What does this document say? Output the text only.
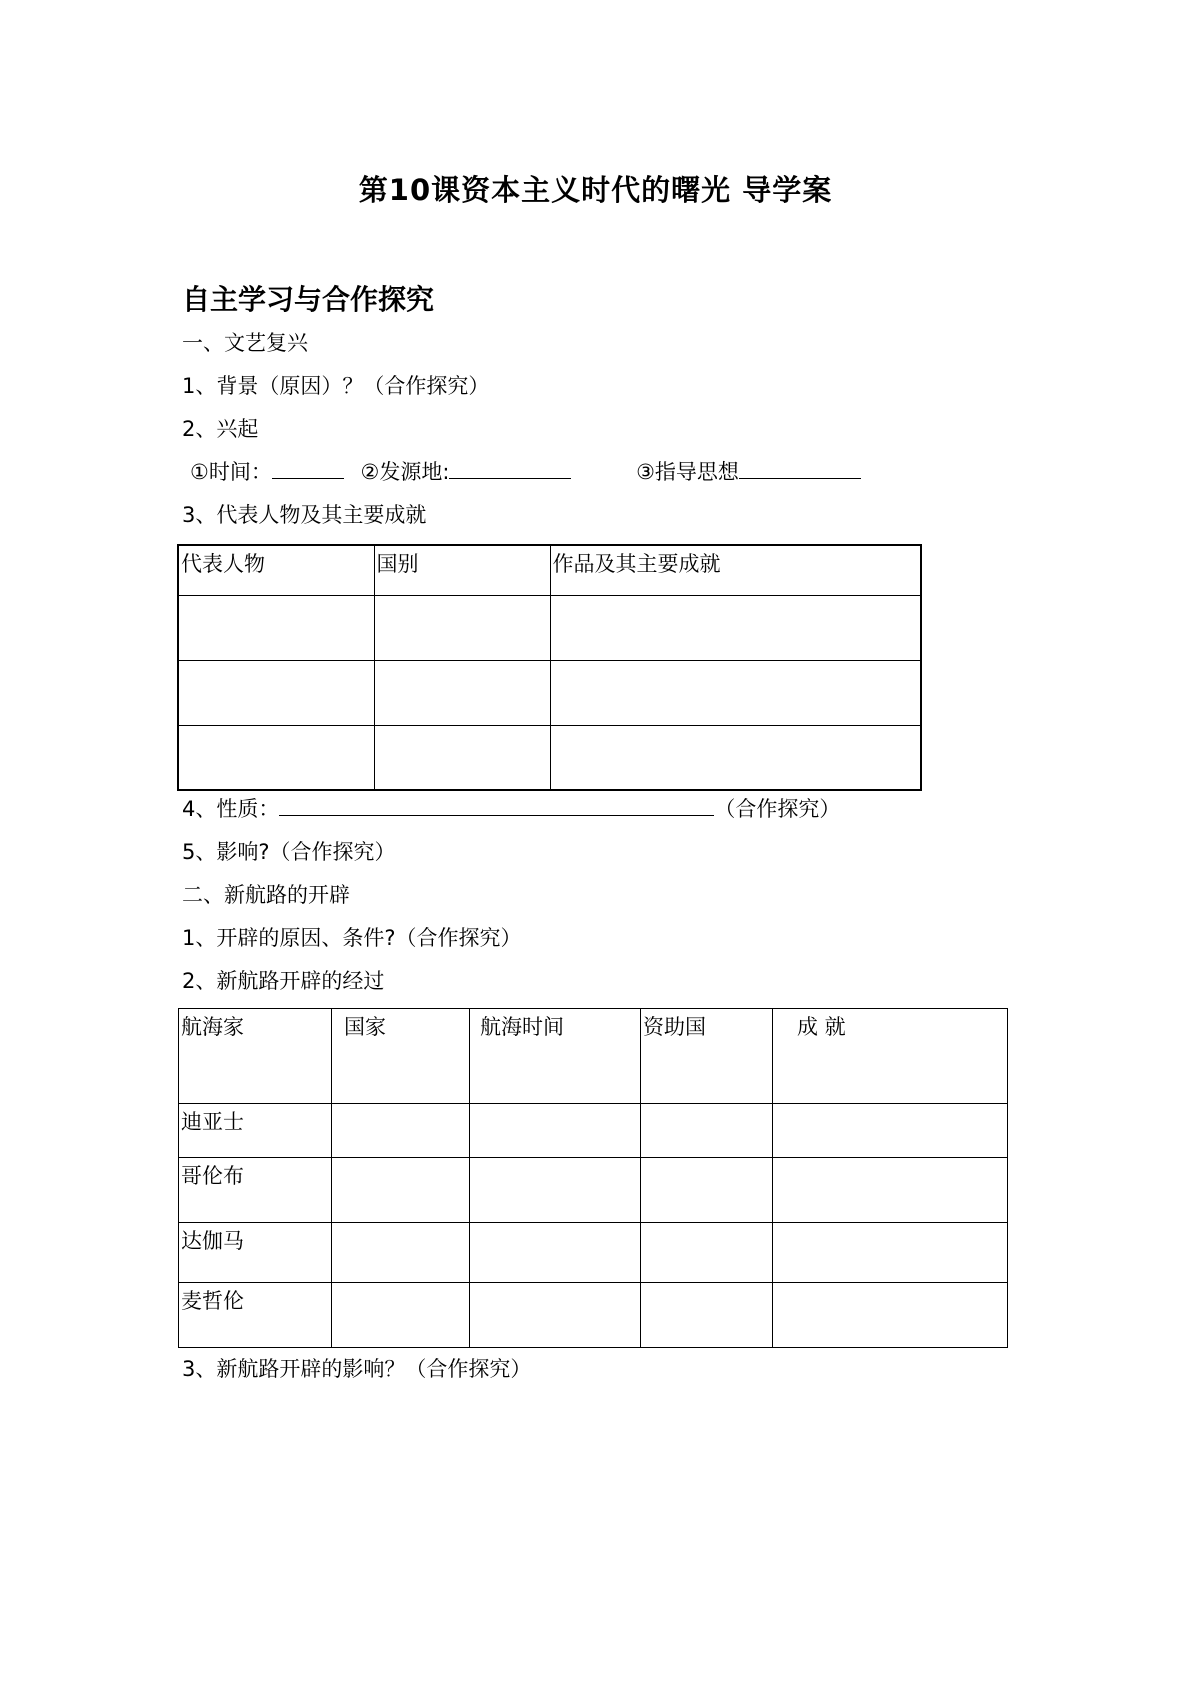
第10课资本主义时代的曙光 导学案
自主学习与合作探究
一、文艺复兴
1、背景（原因）？（合作探究）
2、兴起
①时间：	②发源地:	③指导思想
3、代表人物及其主要成就
代表人物	国别	作品及其主要成就

4、性质：	（合作探究）
5、影响?（合作探究）
二、新航路的开辟
1、开辟的原因、条件?（合作探究）
2、新航路开辟的经过
航海家	国家	航海时间	资助国	成 就
迪亚士				
哥伦布				
达伽马				
麦哲伦				
3、新航路开辟的影响？（合作探究）
